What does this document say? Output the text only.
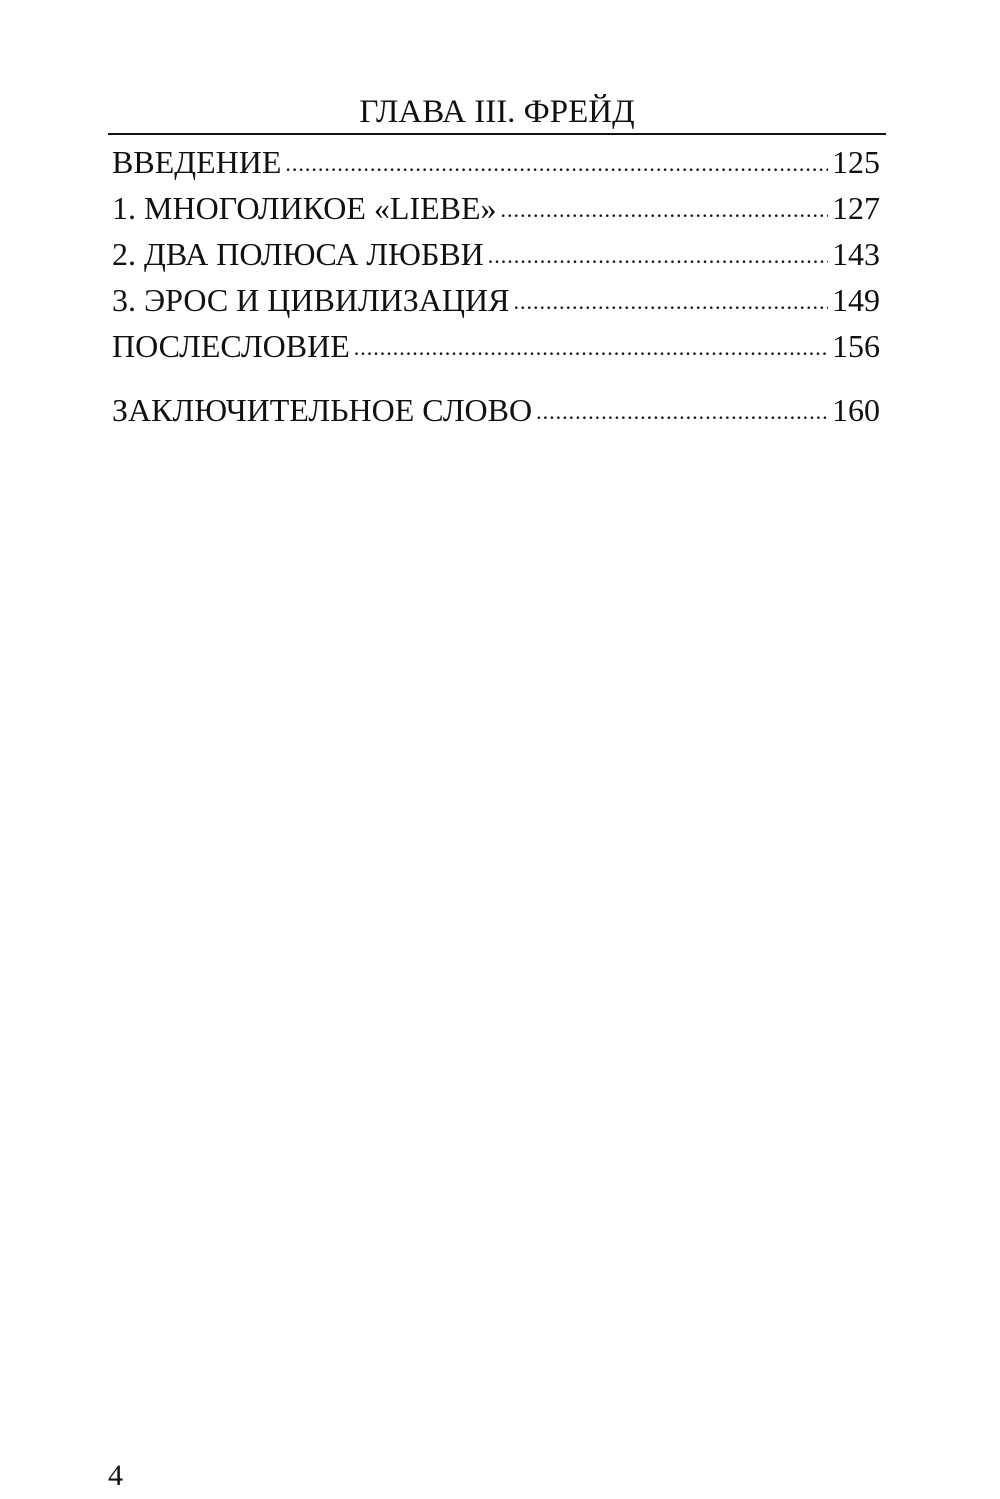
ГЛАВА III. ФРЕЙД
ВВЕДЕНИЕ .....	125
1. МНОГОЛИКОЕ «LIEBE» .....	127
2. ДВА ПОЛЮСА ЛЮБВИ .....	143
3. ЭРОС И ЦИВИЛИЗАЦИЯ .....	149
ПОСЛЕСЛОВИЕ .....	156
ЗАКЛЮЧИТЕЛЬНОЕ СЛОВО .....	160
4
